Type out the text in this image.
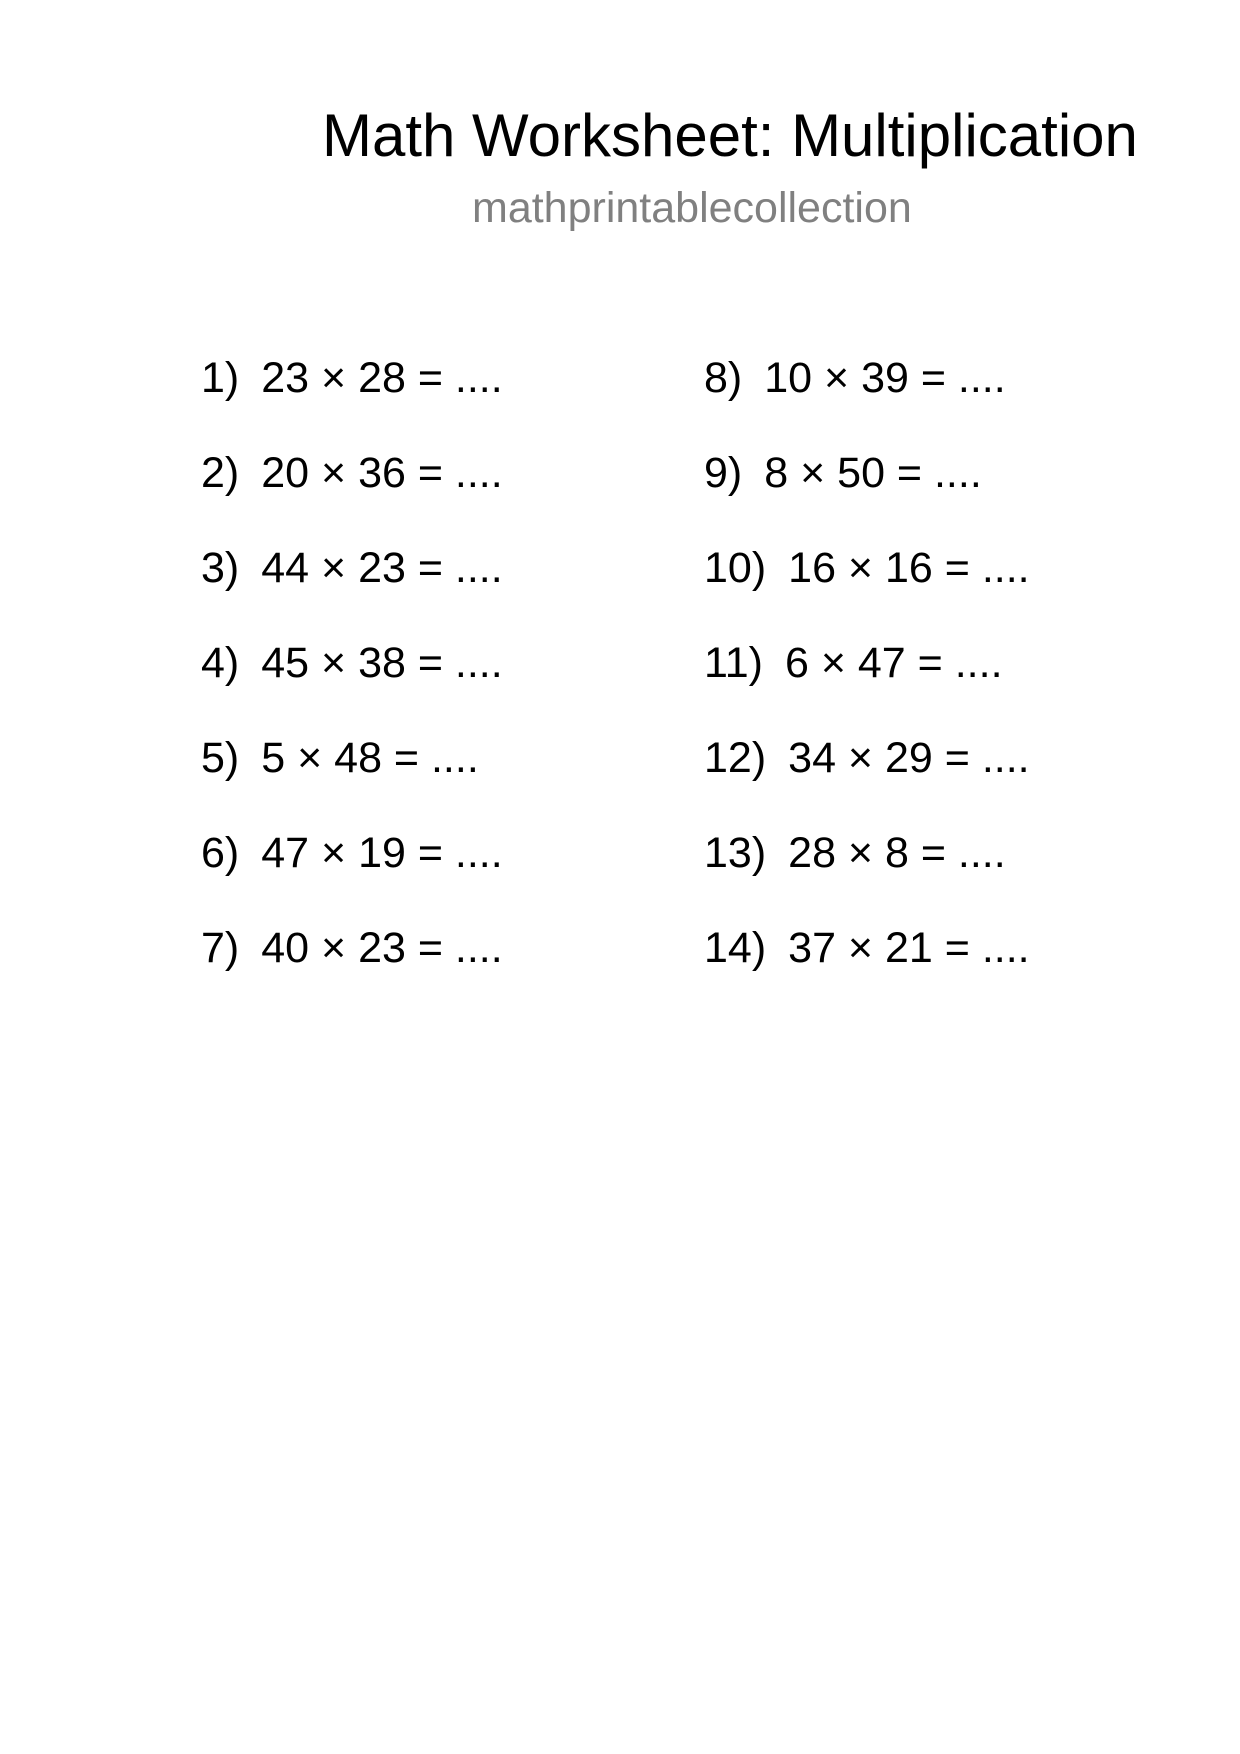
Math Worksheet: Multiplication
mathprintablecollection
1) 23 × 28 = ....
2) 20 × 36 = ....
3) 44 × 23 = ....
4) 45 × 38 = ....
5) 5 × 48 = ....
6) 47 × 19 = ....
7) 40 × 23 = ....
8) 10 × 39 = ....
9) 8 × 50 = ....
10) 16 × 16 = ....
11) 6 × 47 = ....
12) 34 × 29 = ....
13) 28 × 8 = ....
14) 37 × 21 = ....
